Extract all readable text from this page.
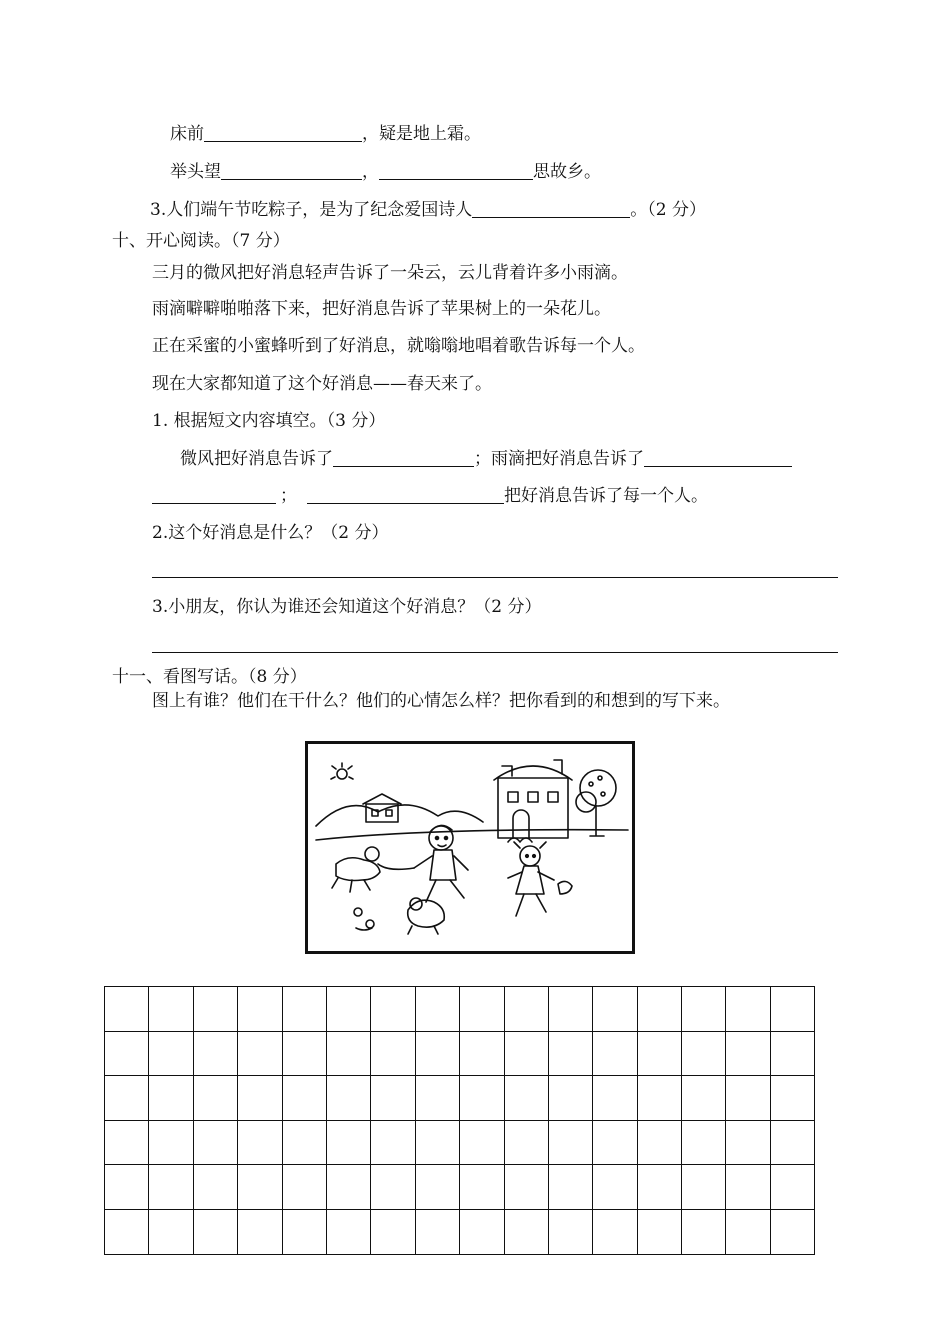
床前	，疑是地上霜。
举头望	，	思故乡。
3.人们端午节吃粽子，是为了纪念爱国诗人	。（2 分）
十、开心阅读。（7 分）
三月的微风把好消息轻声告诉了一朵云，云儿背着许多小雨滴。
雨滴噼噼啪啪落下来，把好消息告诉了苹果树上的一朵花儿。
正在采蜜的小蜜蜂听到了好消息，就嗡嗡地唱着歌告诉每一个人。
现在大家都知道了这个好消息——春天来了。
1. 根据短文内容填空。（3 分）
微风把好消息告诉了	；雨滴把好消息告诉了
；	把好消息告诉了每一个人。
2.这个好消息是什么？（2 分）
3.小朋友，你认为谁还会知道这个好消息？（2 分）
十一、看图写话。（8 分）
图上有谁？他们在干什么？他们的心情怎么样？把你看到的和想到的写下来。
